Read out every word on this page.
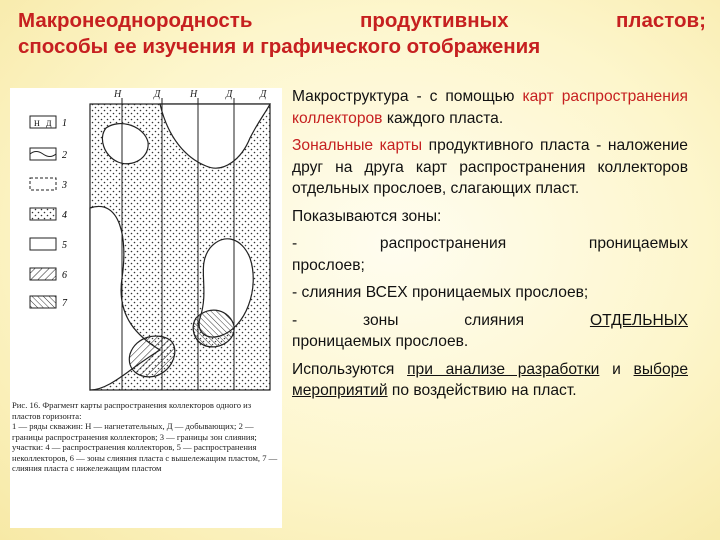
Макронеоднородность	продуктивных	пластов;
способы ее изучения и графического отображения
Н Д 1
2
3
4
5
6
7
Н	Д	Н	Д	Д

Рис. 16. Фрагмент карты распространения коллекторов одного из пластов горизонта:

1 — ряды скважин: Н — нагнетательных, Д — добывающих; 2 — границы распространения коллекторов; 3 — границы зон слияния; участки: 4 — распространения коллекторов, 5 — распространения неколлекторов, 6 — зоны слияния пласта с вышележащим пластом, 7 — слияния пласта с нижележащим пластом

Макроструктура - с помощью карт распространения коллекторов каждого пласта.

Зональные карты продуктивного пласта - наложение друг на друга карт распространения коллекторов отдельных прослоев, слагающих пласт.

Показываются зоны:

-	распространения	проницаемых
прослоев;

- слияния ВСЕХ проницаемых прослоев;

-	зоны	слияния	ОТДЕЛЬНЫХ
проницаемых прослоев.

Используются при анализе разработки и выборе мероприятий по воздействию на пласт.
